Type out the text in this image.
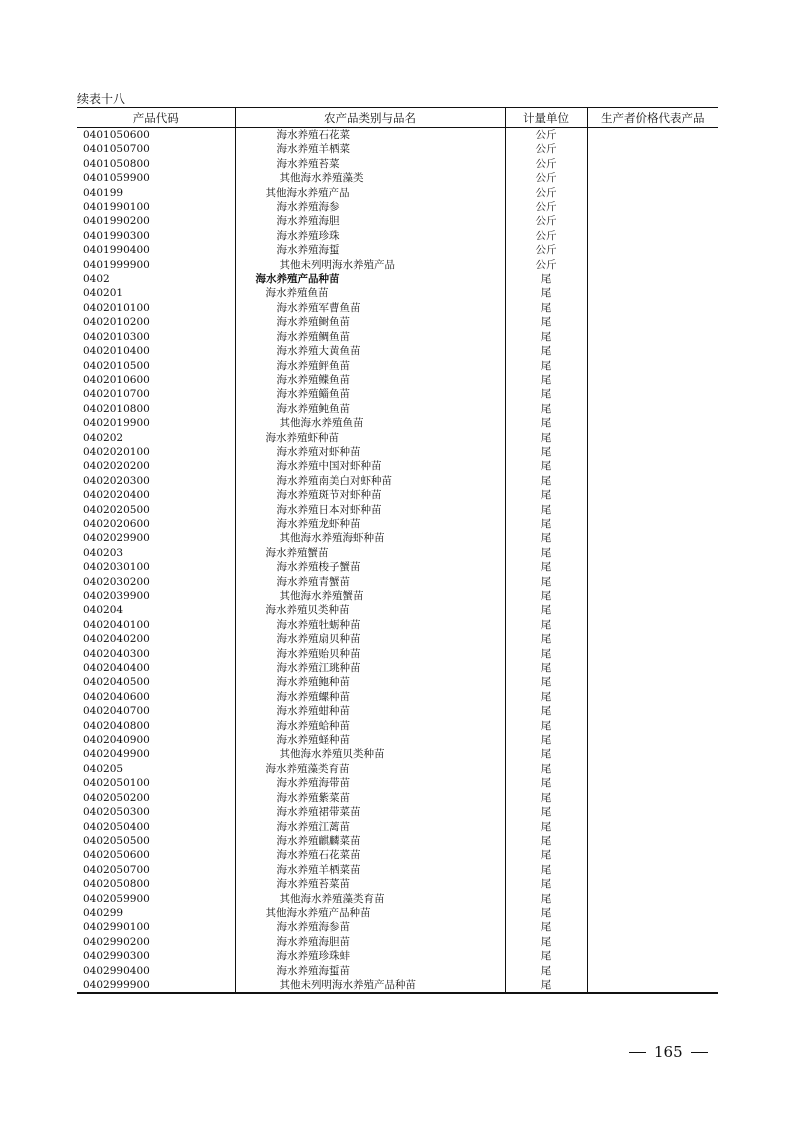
续表十八
产品代码	农产品类别与品名	计量单位	生产者价格代表产品
0401050600	海水养殖石花菜	公斤	
0401050700	海水养殖羊栖菜	公斤	
0401050800	海水养殖苔菜	公斤	
0401059900	其他海水养殖藻类	公斤	
040199	其他海水养殖产品	公斤	
0401990100	海水养殖海参	公斤	
0401990200	海水养殖海胆	公斤	
0401990300	海水养殖珍珠	公斤	
0401990400	海水养殖海蜇	公斤	
0401999900	其他未列明海水养殖产品	公斤	
0402	海水养殖产品种苗	尾	
040201	海水养殖鱼苗	尾	
0402010100	海水养殖军曹鱼苗	尾	
0402010200	海水养殖鲥鱼苗	尾	
0402010300	海水养殖鲷鱼苗	尾	
0402010400	海水养殖大黄鱼苗	尾	
0402010500	海水养殖鲆鱼苗	尾	
0402010600	海水养殖鲽鱼苗	尾	
0402010700	海水养殖鲻鱼苗	尾	
0402010800	海水养殖鲀鱼苗	尾	
0402019900	其他海水养殖鱼苗	尾	
040202	海水养殖虾种苗	尾	
0402020100	海水养殖对虾种苗	尾	
0402020200	海水养殖中国对虾种苗	尾	
0402020300	海水养殖南美白对虾种苗	尾	
0402020400	海水养殖斑节对虾种苗	尾	
0402020500	海水养殖日本对虾种苗	尾	
0402020600	海水养殖龙虾种苗	尾	
0402029900	其他海水养殖海虾种苗	尾	
040203	海水养殖蟹苗	尾	
0402030100	海水养殖梭子蟹苗	尾	
0402030200	海水养殖青蟹苗	尾	
0402039900	其他海水养殖蟹苗	尾	
040204	海水养殖贝类种苗	尾	
0402040100	海水养殖牡蛎种苗	尾	
0402040200	海水养殖扇贝种苗	尾	
0402040300	海水养殖贻贝种苗	尾	
0402040400	海水养殖江珧种苗	尾	
0402040500	海水养殖鲍种苗	尾	
0402040600	海水养殖螺种苗	尾	
0402040700	海水养殖蚶种苗	尾	
0402040800	海水养殖蛤种苗	尾	
0402040900	海水养殖蛏种苗	尾	
0402049900	其他海水养殖贝类种苗	尾	
040205	海水养殖藻类育苗	尾	
0402050100	海水养殖海带苗	尾	
0402050200	海水养殖紫菜苗	尾	
0402050300	海水养殖裙带菜苗	尾	
0402050400	海水养殖江蓠苗	尾	
0402050500	海水养殖麒麟菜苗	尾	
0402050600	海水养殖石花菜苗	尾	
0402050700	海水养殖羊栖菜苗	尾	
0402050800	海水养殖苔菜苗	尾	
0402059900	其他海水养殖藻类育苗	尾	
040299	其他海水养殖产品种苗	尾	
0402990100	海水养殖海参苗	尾	
0402990200	海水养殖海胆苗	尾	
0402990300	海水养殖珍珠蚌	尾	
0402990400	海水养殖海蜇苗	尾	
0402999900	其他未列明海水养殖产品种苗	尾	
165
